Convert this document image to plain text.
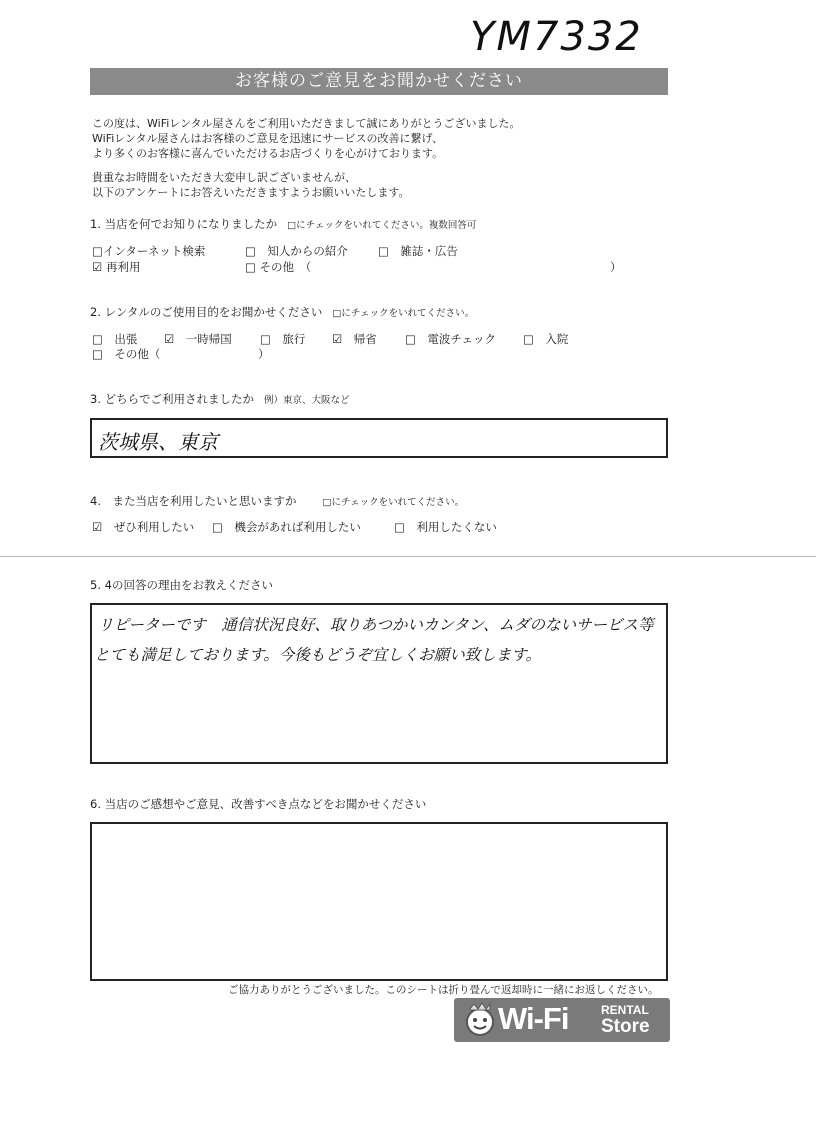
YM7332
お客様のご意見をお聞かせください
この度は、WiFiレンタル屋さんをご利用いただきまして誠にありがとうございました。
WiFiレンタル屋さんはお客様のご意見を迅速にサービスの改善に繋げ、
より多くのお客様に喜んでいただけるお店づくりを心がけております。
貴重なお時間をいただき大変申し訳ございませんが、
以下のアンケートにお答えいただきますようお願いいたします。
1. 当店を何でお知りになりましたか □にチェックをいれてください。複数回答可
□インターネット検索	□　知人からの紹介	□　雑誌・広告
☑ 再利用	□ その他　（	）
2. レンタルのご使用目的をお聞かせください □にチェックをいれてください。
□　出張 ☑　一時帰国 □　旅行 ☑　帰省 □　電波チェック □　入院
□　その他（	）
3. どちらでご利用されましたか 例）東京、大阪など
茨城県、東京
4.　また当店を利用したいと思いますか	□にチェックをいれてください。
☑　ぜひ利用したい □　機会があれば利用したい	□　利用したくない
5. 4の回答の理由をお教えください
リピーターです　通信状況良好、取りあつかいカンタン、ムダのないサービス等
とても満足しております。今後もどうぞ宜しくお願い致します。
6. 当店のご感想やご意見、改善すべき点などをお聞かせください
ご協力ありがとうございました。このシートは折り畳んで返却時に一緒にお返しください。
Wi-Fi	RENTAL
Store
